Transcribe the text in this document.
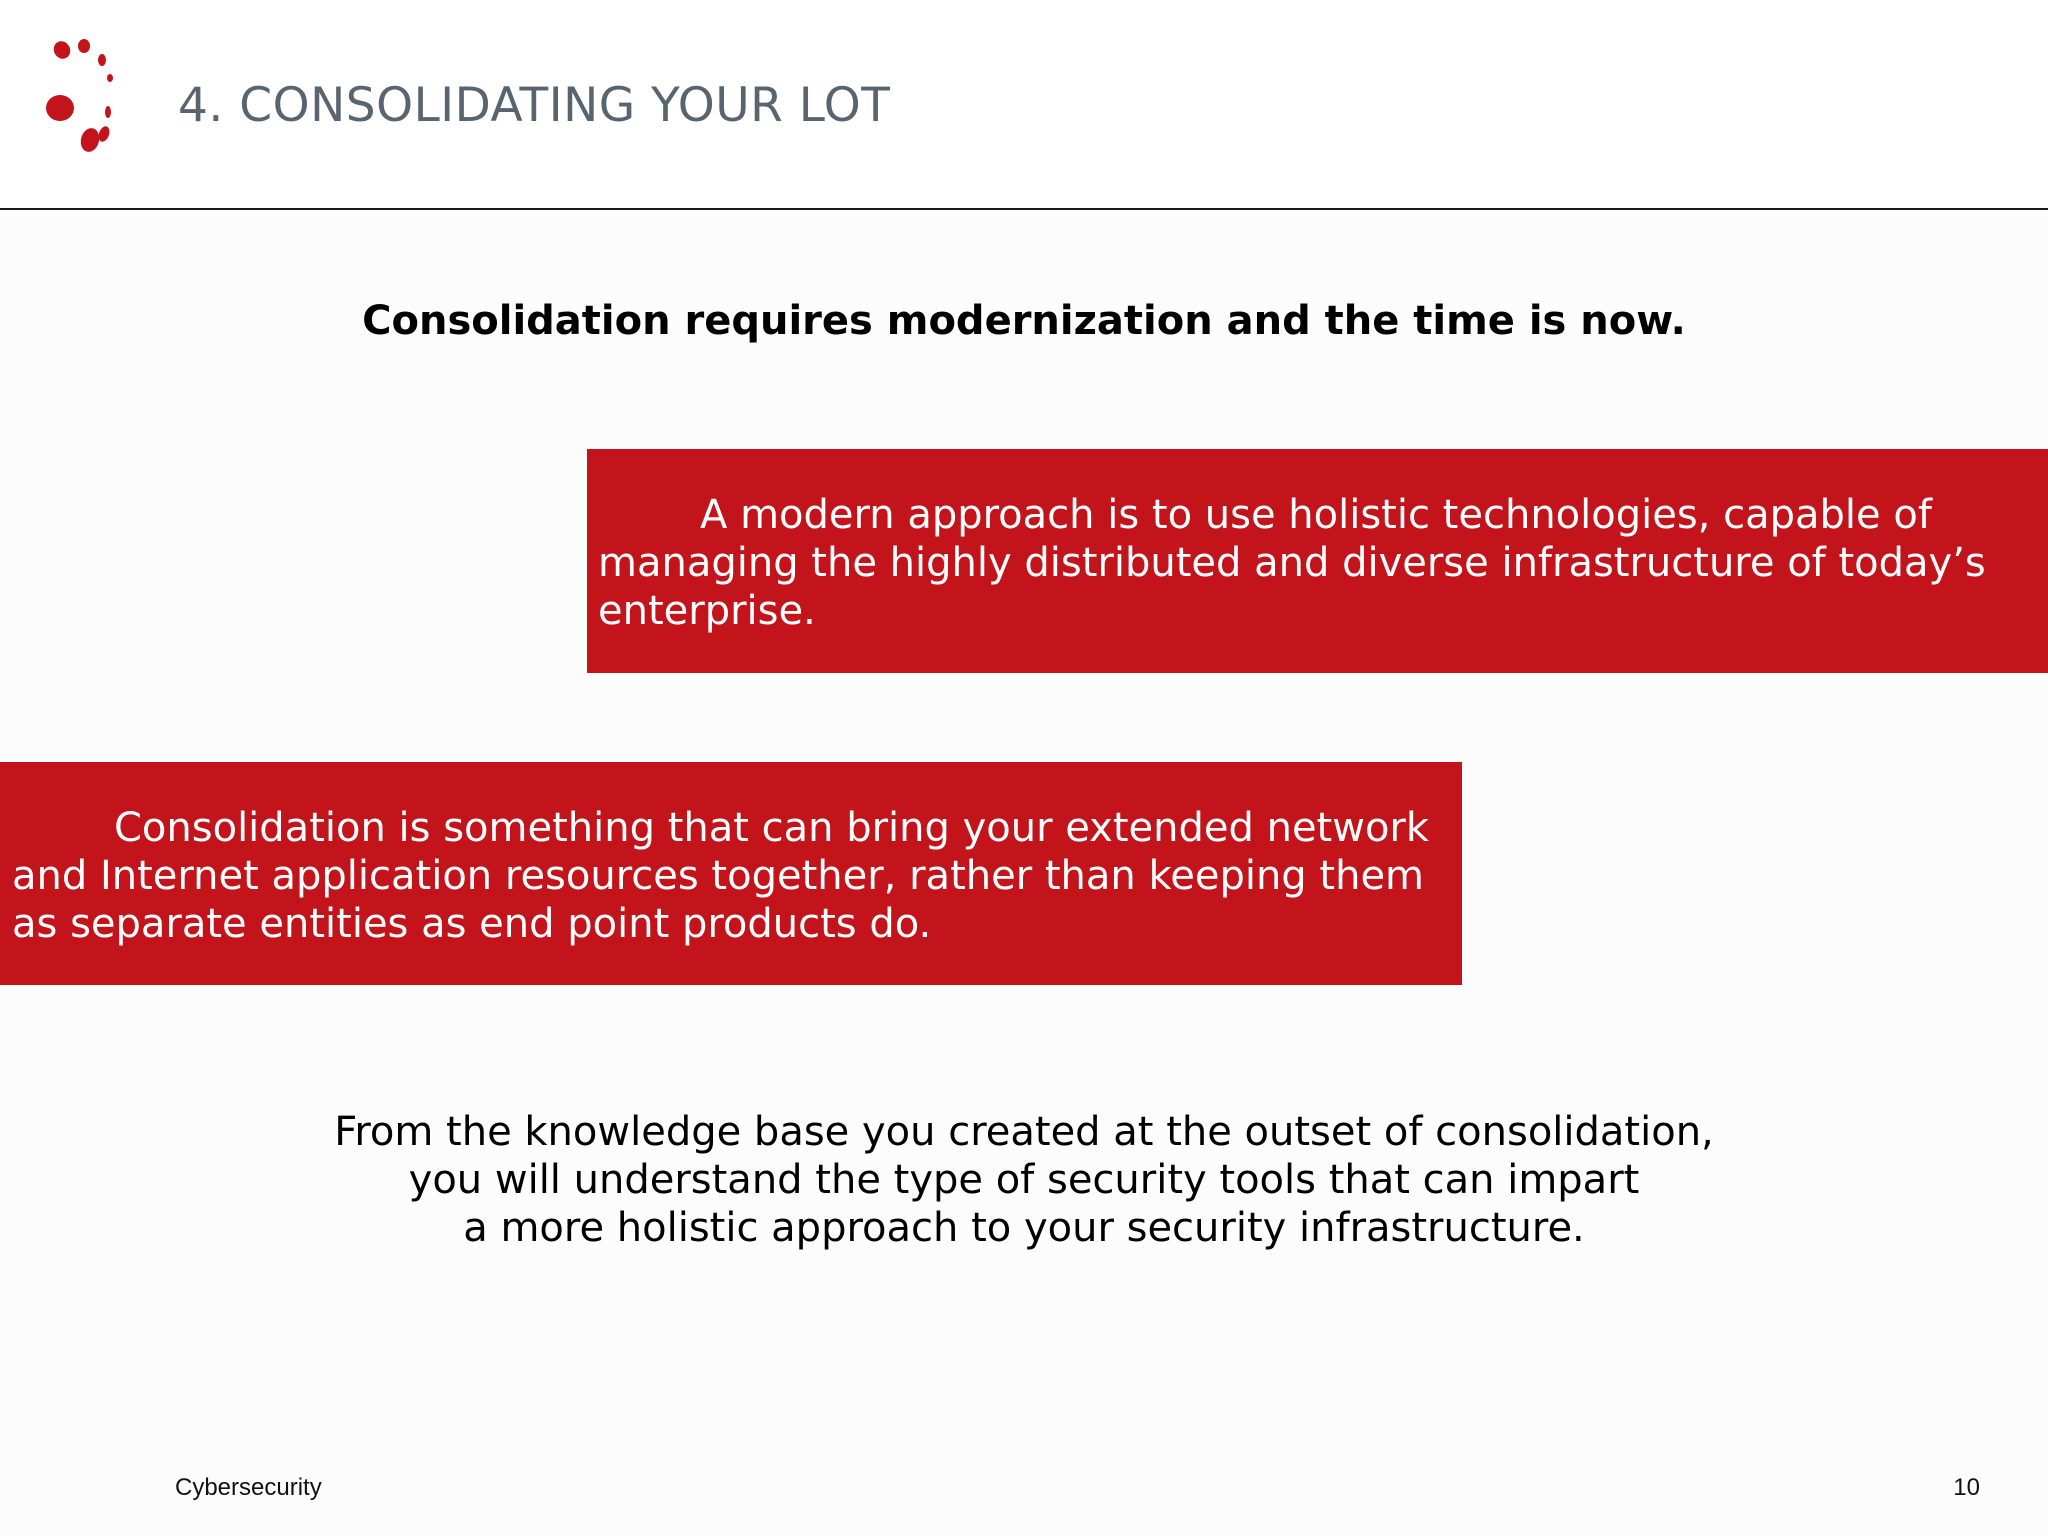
4. CONSOLIDATING YOUR LOT
Consolidation requires modernization and the time is now.

A modern approach is to use holistic technologies, capable of managing the highly distributed and diverse infrastructure of today’s enterprise.

Consolidation is something that can bring your extended network and Internet application resources together, rather than keeping them as separate entities as end point products do.

From the knowledge base you created at the outset of consolidation,
you will understand the type of security tools that can impart
a more holistic approach to your security infrastructure.
Cybersecurity	10
